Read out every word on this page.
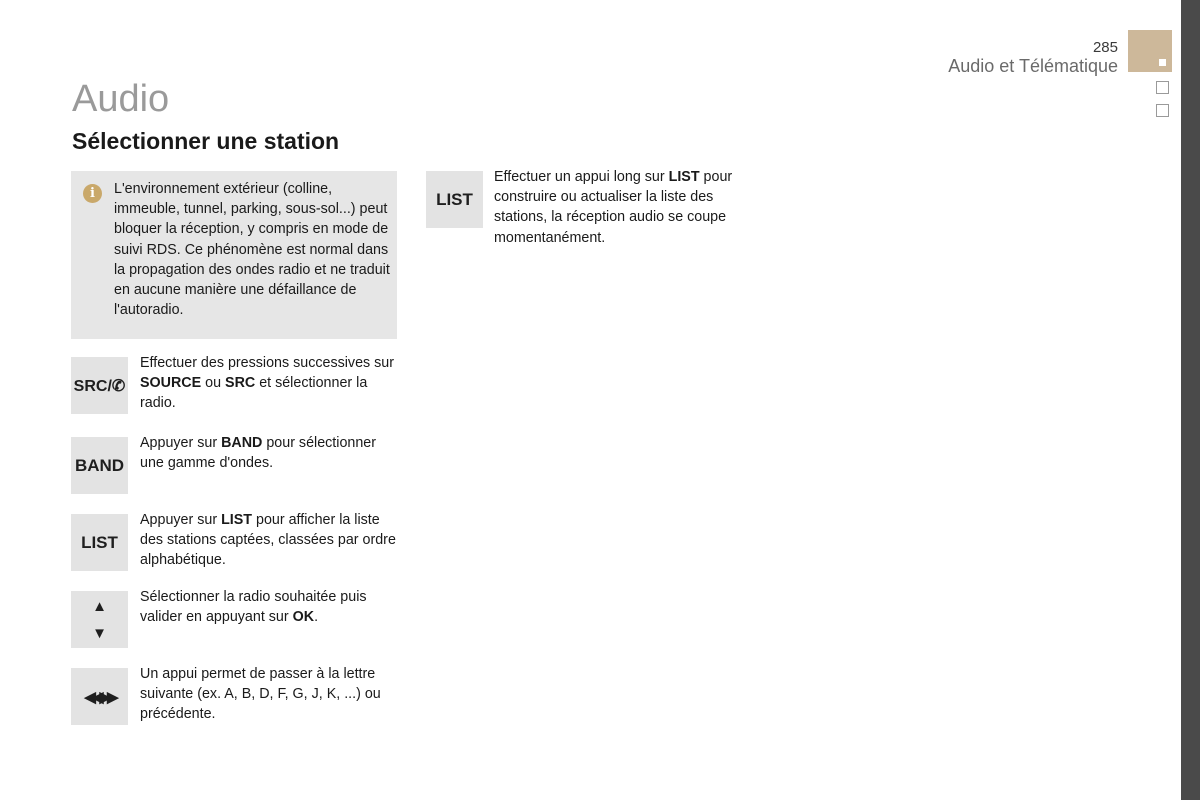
285
Audio et Télématique
Audio
Sélectionner une station
i	L'environnement extérieur (colline, immeuble, tunnel, parking, sous-sol...) peut bloquer la réception, y compris en mode de suivi RDS. Ce phénomène est normal dans la propagation des ondes radio et ne traduit en aucune manière une défaillance de l'autoradio.
SRC/✆
Effectuer des pressions successives sur SOURCE ou SRC et sélectionner la radio.
BAND
Appuyer sur BAND pour sélectionner une gamme d'ondes.
LIST
Appuyer sur LIST pour afficher la liste des stations captées, classées par ordre alphabétique.
▲
▼
Sélectionner la radio souhaitée puis valider en appuyant sur OK.
◀◀▶▶
Un appui permet de passer à la lettre suivante (ex. A, B, D, F, G, J, K, ...) ou précédente.
LIST
Effectuer un appui long sur LIST pour construire ou actualiser la liste des stations, la réception audio se coupe momentanément.
